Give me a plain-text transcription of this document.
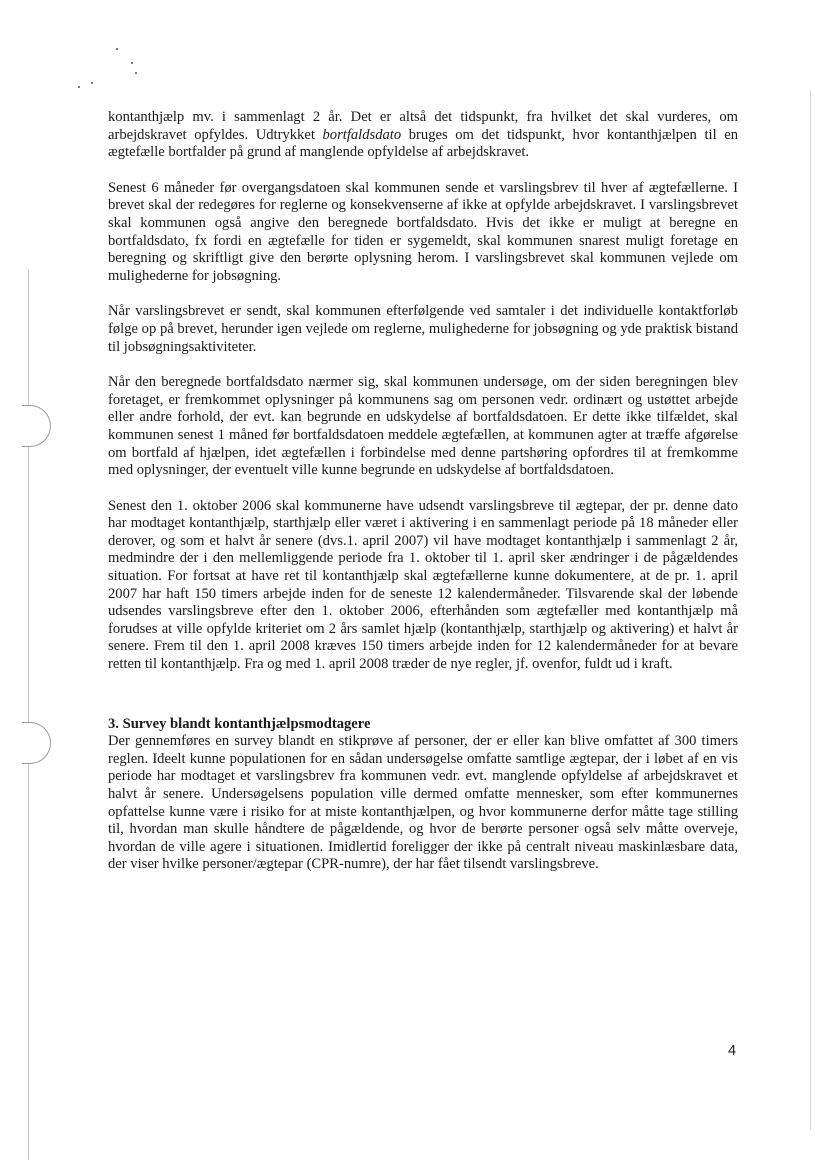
kontanthjælp mv. i sammenlagt 2 år. Det er altså det tidspunkt, fra hvilket det skal vurderes, om arbejdskravet opfyldes. Udtrykket bortfaldsdato bruges om det tidspunkt, hvor kontanthjælpen til en ægtefælle bortfalder på grund af manglende opfyldelse af arbejdskravet.

Senest 6 måneder før overgangsdatoen skal kommunen sende et varslingsbrev til hver af ægtefællerne. I brevet skal der redegøres for reglerne og konsekvenserne af ikke at opfylde arbejdskravet. I varslingsbrevet skal kommunen også angive den beregnede bortfaldsdato. Hvis det ikke er muligt at beregne en bortfaldsdato, fx fordi en ægtefælle for tiden er sygemeldt, skal kommunen snarest muligt foretage en beregning og skriftligt give den berørte oplysning herom. I varslingsbrevet skal kommunen vejlede om mulighederne for jobsøgning.

Når varslingsbrevet er sendt, skal kommunen efterfølgende ved samtaler i det individuelle kontaktforløb følge op på brevet, herunder igen vejlede om reglerne, mulighederne for jobsøgning og yde praktisk bistand til jobsøgningsaktiviteter.

Når den beregnede bortfaldsdato nærmer sig, skal kommunen undersøge, om der siden beregningen blev foretaget, er fremkommet oplysninger på kommunens sag om personen vedr. ordinært og ustøttet arbejde eller andre forhold, der evt. kan begrunde en udskydelse af bortfaldsdatoen. Er dette ikke tilfældet, skal kommunen senest 1 måned før bortfaldsdatoen meddele ægtefællen, at kommunen agter at træffe afgørelse om bortfald af hjælpen, idet ægtefællen i forbindelse med denne partshøring opfordres til at fremkomme med oplysninger, der eventuelt ville kunne begrunde en udskydelse af bortfaldsdatoen.

Senest den 1. oktober 2006 skal kommunerne have udsendt varslingsbreve til ægtepar, der pr. denne dato har modtaget kontanthjælp, starthjælp eller været i aktivering i en sammenlagt periode på 18 måneder eller derover, og som et halvt år senere (dvs.1. april 2007) vil have modtaget kontanthjælp i sammenlagt 2 år, medmindre der i den mellemliggende periode fra 1. oktober til 1. april sker ændringer i de pågældendes situation. For fortsat at have ret til kontanthjælp skal ægtefællerne kunne dokumentere, at de pr. 1. april 2007 har haft 150 timers arbejde inden for de seneste 12 kalendermåneder. Tilsvarende skal der løbende udsendes varslingsbreve efter den 1. oktober 2006, efterhånden som ægtefæller med kontanthjælp må forudses at ville opfylde kriteriet om 2 års samlet hjælp (kontanthjælp, starthjælp og aktivering) et halvt år senere. Frem til den 1. april 2008 kræves 150 timers arbejde inden for 12 kalendermåneder for at bevare retten til kontanthjælp. Fra og med 1. april 2008 træder de nye regler, jf. ovenfor, fuldt ud i kraft.

3. Survey blandt kontanthjælpsmodtagere

Der gennemføres en survey blandt en stikprøve af personer, der er eller kan blive omfattet af 300 timers reglen. Ideelt kunne populationen for en sådan undersøgelse omfatte samtlige ægtepar, der i løbet af en vis periode har modtaget et varslingsbrev fra kommunen vedr. evt. manglende opfyldelse af arbejdskravet et halvt år senere. Undersøgelsens population ville dermed omfatte mennesker, som efter kommunernes opfattelse kunne være i risiko for at miste kontanthjælpen, og hvor kommunerne derfor måtte tage stilling til, hvordan man skulle håndtere de pågældende, og hvor de berørte personer også selv måtte overveje, hvordan de ville agere i situationen. Imidlertid foreligger der ikke på centralt niveau maskinlæsbare data, der viser hvilke personer/ægtepar (CPR-numre), der har fået tilsendt varslingsbreve.

4
